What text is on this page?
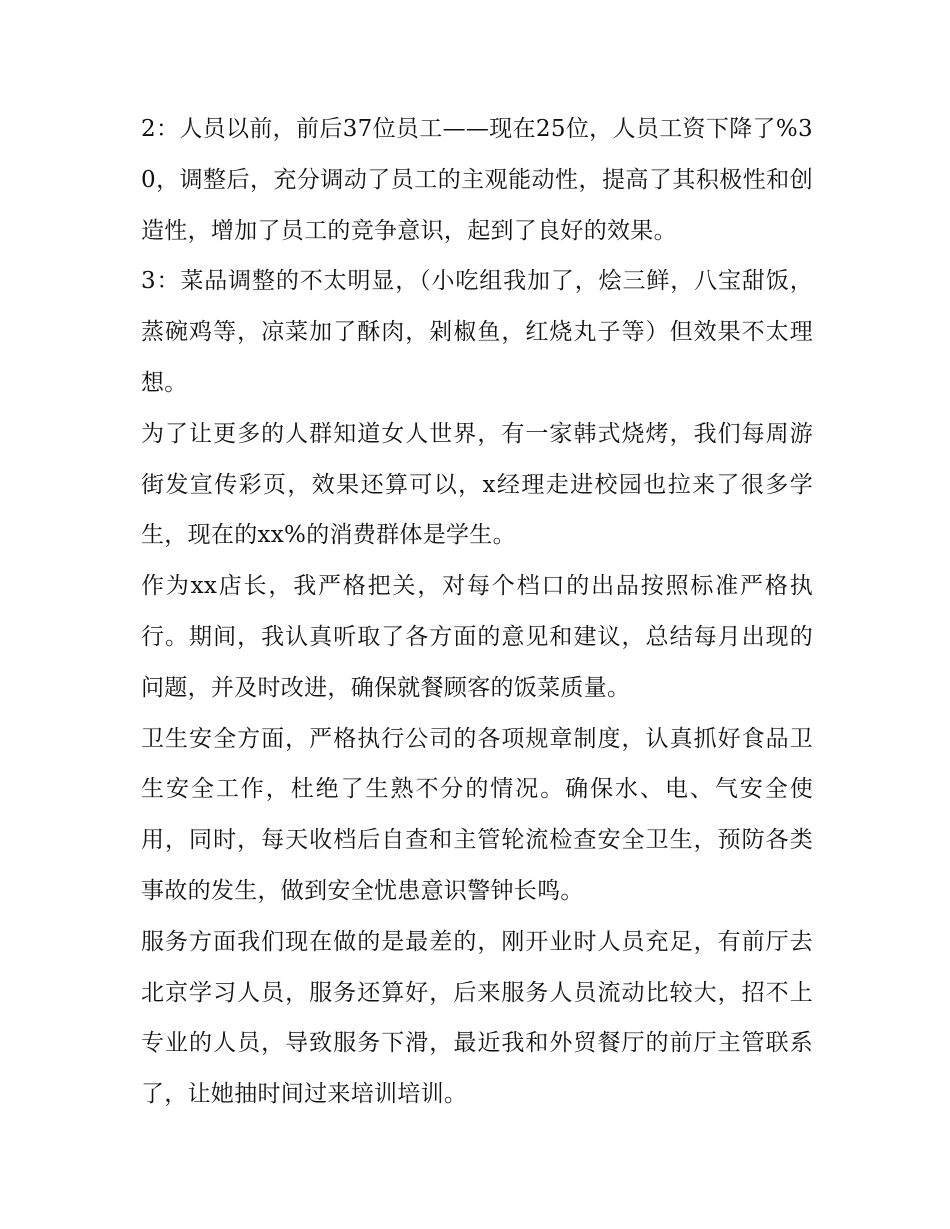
2：人员以前，前后37位员工——现在25位，人员工资下降了%30，调整后，充分调动了员工的主观能动性，提高了其积极性和创造性，增加了员工的竞争意识，起到了良好的效果。

3：菜品调整的不太明显，（小吃组我加了，烩三鲜，八宝甜饭，蒸碗鸡等，凉菜加了酥肉，剁椒鱼，红烧丸子等）但效果不太理想。

为了让更多的人群知道女人世界，有一家韩式烧烤，我们每周游街发宣传彩页，效果还算可以，x经理走进校园也拉来了很多学生，现在的xx%的消费群体是学生。

作为xx店长，我严格把关，对每个档口的出品按照标准严格执行。期间，我认真听取了各方面的意见和建议，总结每月出现的问题，并及时改进，确保就餐顾客的饭菜质量。

卫生安全方面，严格执行公司的各项规章制度，认真抓好食品卫生安全工作，杜绝了生熟不分的情况。确保水、电、气安全使用，同时，每天收档后自查和主管轮流检查安全卫生，预防各类事故的发生，做到安全忧患意识警钟长鸣。

服务方面我们现在做的是最差的，刚开业时人员充足，有前厅去北京学习人员，服务还算好，后来服务人员流动比较大，招不上专业的人员，导致服务下滑，最近我和外贸餐厅的前厅主管联系了，让她抽时间过来培训培训。
